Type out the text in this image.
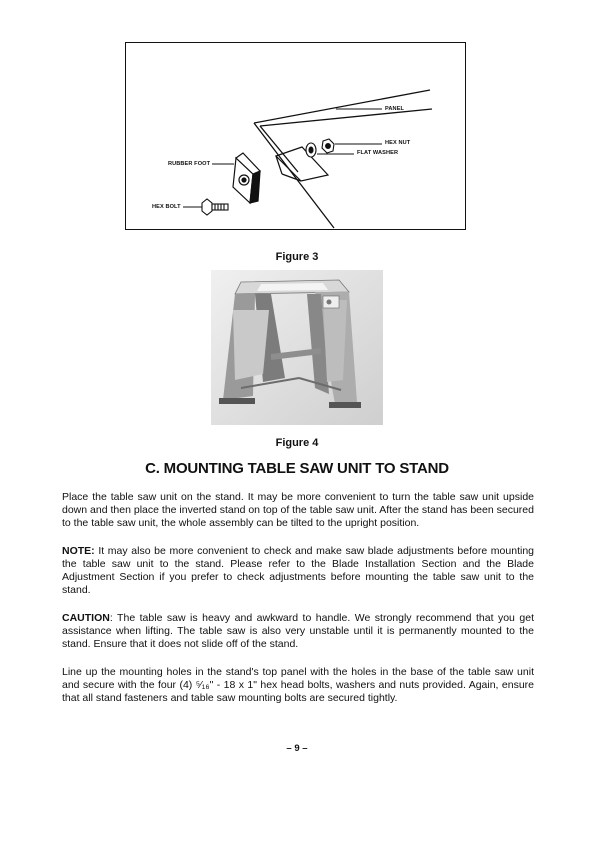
PANEL
HEX NUT
FLAT WASHER
RUBBER FOOT
HEX BOLT
Figure 3
Figure 4
C. MOUNTING TABLE SAW UNIT TO STAND

Place the table saw unit on the stand. It may be more convenient to turn the table saw unit upside down and then place the inverted stand on top of the table saw unit. After the stand has been secured to the table saw unit, the whole assembly can be tilted to the upright position.

NOTE: It may also be more convenient to check and make saw blade adjustments before mounting the table saw unit to the stand. Please refer to the Blade Installation Section and the Blade Adjustment Section if you prefer to check adjustments before mounting the table saw unit to the stand.

CAUTION: The table saw is heavy and awkward to handle. We strongly recommend that you get assistance when lifting. The table saw is also very unstable until it is permanently mounted to the stand. Ensure that it does not slide off of the stand.

Line up the mounting holes in the stand's top panel with the holes in the base of the table saw unit and secure with the four (4) ⁵⁄₁₆" - 18 x 1" hex head bolts, washers and nuts provided. Again, ensure that all stand fasteners and table saw mounting bolts are secured tightly.

– 9 –
